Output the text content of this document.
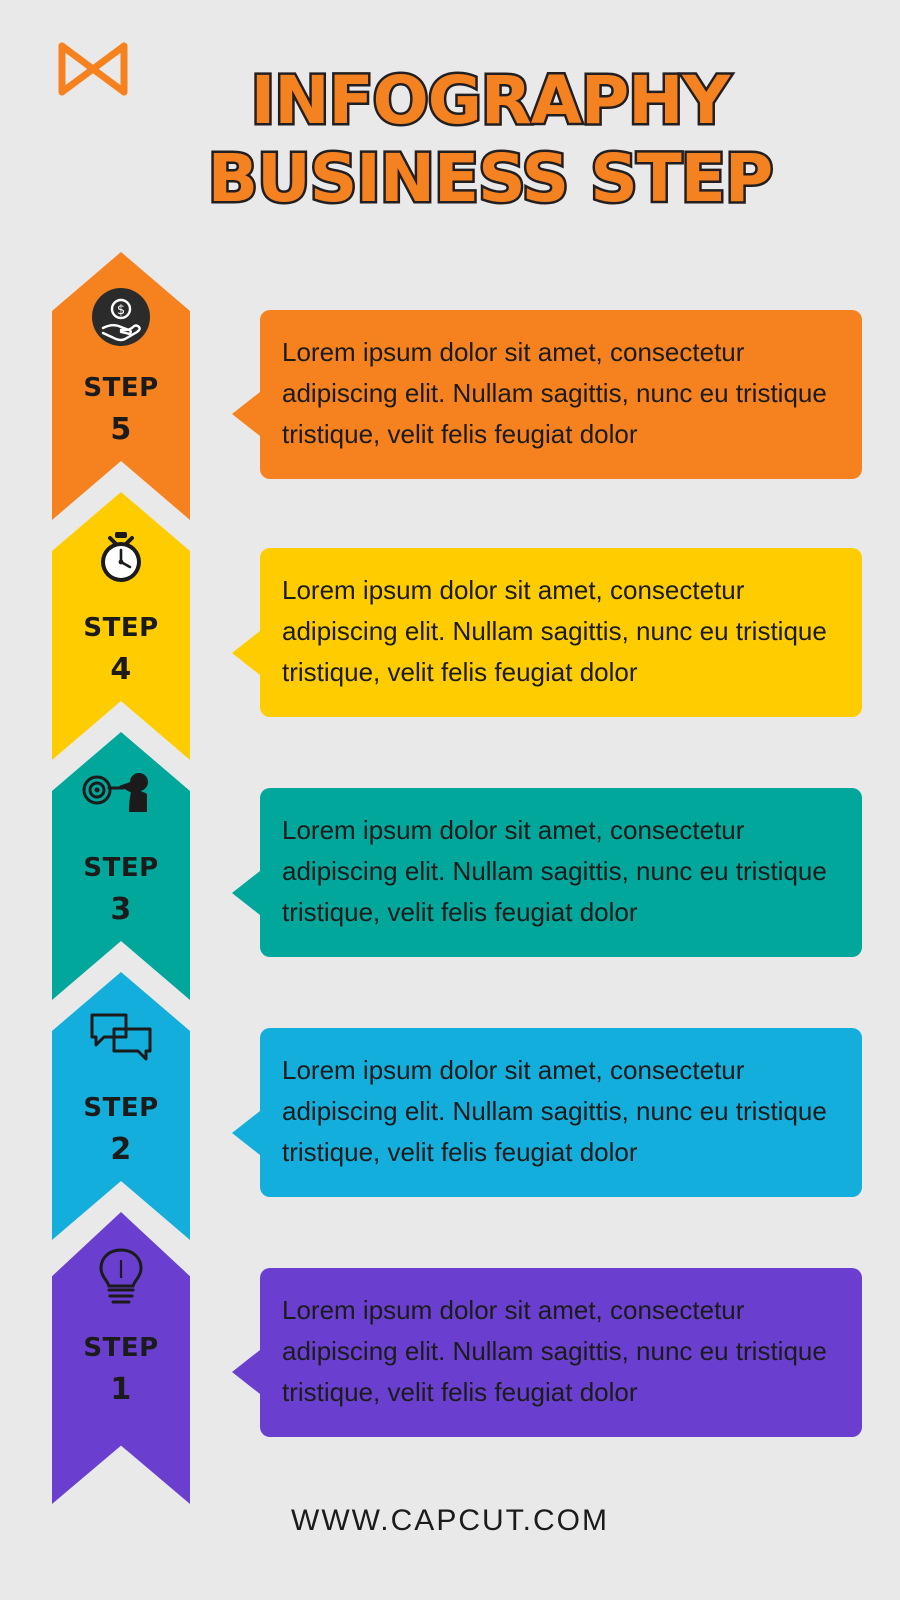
INFOGRAPHY
BUSINESS STEP
$
STEP
5
Lorem ipsum dolor sit amet, consectetur adipiscing elit. Nullam sagittis, nunc eu tristique tristique, velit felis feugiat dolor
STEP
4
Lorem ipsum dolor sit amet, consectetur adipiscing elit. Nullam sagittis, nunc eu tristique tristique, velit felis feugiat dolor
STEP
3
Lorem ipsum dolor sit amet, consectetur adipiscing elit. Nullam sagittis, nunc eu tristique tristique, velit felis feugiat dolor
STEP
2
Lorem ipsum dolor sit amet, consectetur adipiscing elit. Nullam sagittis, nunc eu tristique tristique, velit felis feugiat dolor
STEP
1
Lorem ipsum dolor sit amet, consectetur adipiscing elit. Nullam sagittis, nunc eu tristique tristique, velit felis feugiat dolor
WWW.CAPCUT.COM
